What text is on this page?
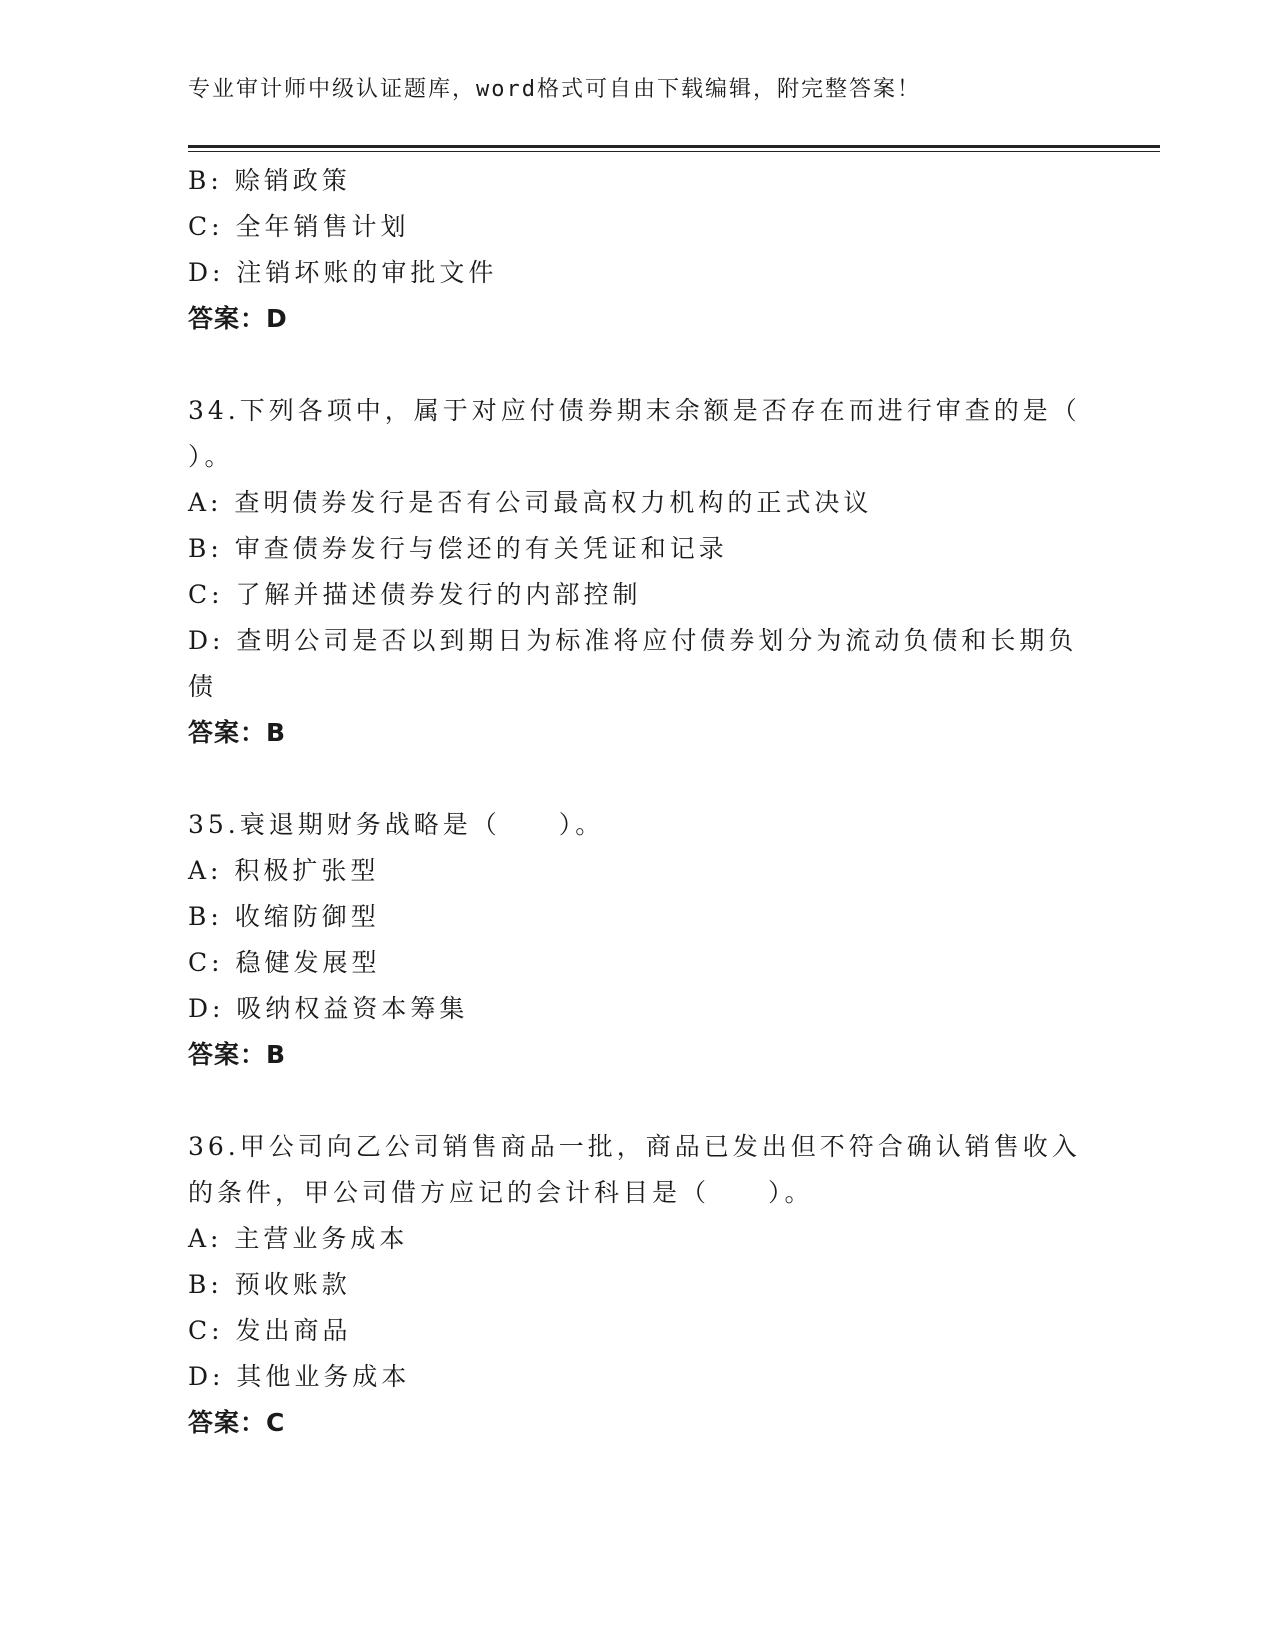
专业审计师中级认证题库，word格式可自由下载编辑，附完整答案！
B: 赊销政策
C: 全年销售计划
D: 注销坏账的审批文件
答案：D
34.下列各项中，属于对应付债券期末余额是否存在而进行审查的是（
）。
A: 查明债券发行是否有公司最高权力机构的正式决议
B: 审查债券发行与偿还的有关凭证和记录
C: 了解并描述债券发行的内部控制
D: 查明公司是否以到期日为标准将应付债券划分为流动负债和长期负
债
答案：B
35.衰退期财务战略是（　　）。
A: 积极扩张型
B: 收缩防御型
C: 稳健发展型
D: 吸纳权益资本筹集
答案：B
36.甲公司向乙公司销售商品一批，商品已发出但不符合确认销售收入
的条件，甲公司借方应记的会计科目是（　　）。
A: 主营业务成本
B: 预收账款
C: 发出商品
D: 其他业务成本
答案：C
